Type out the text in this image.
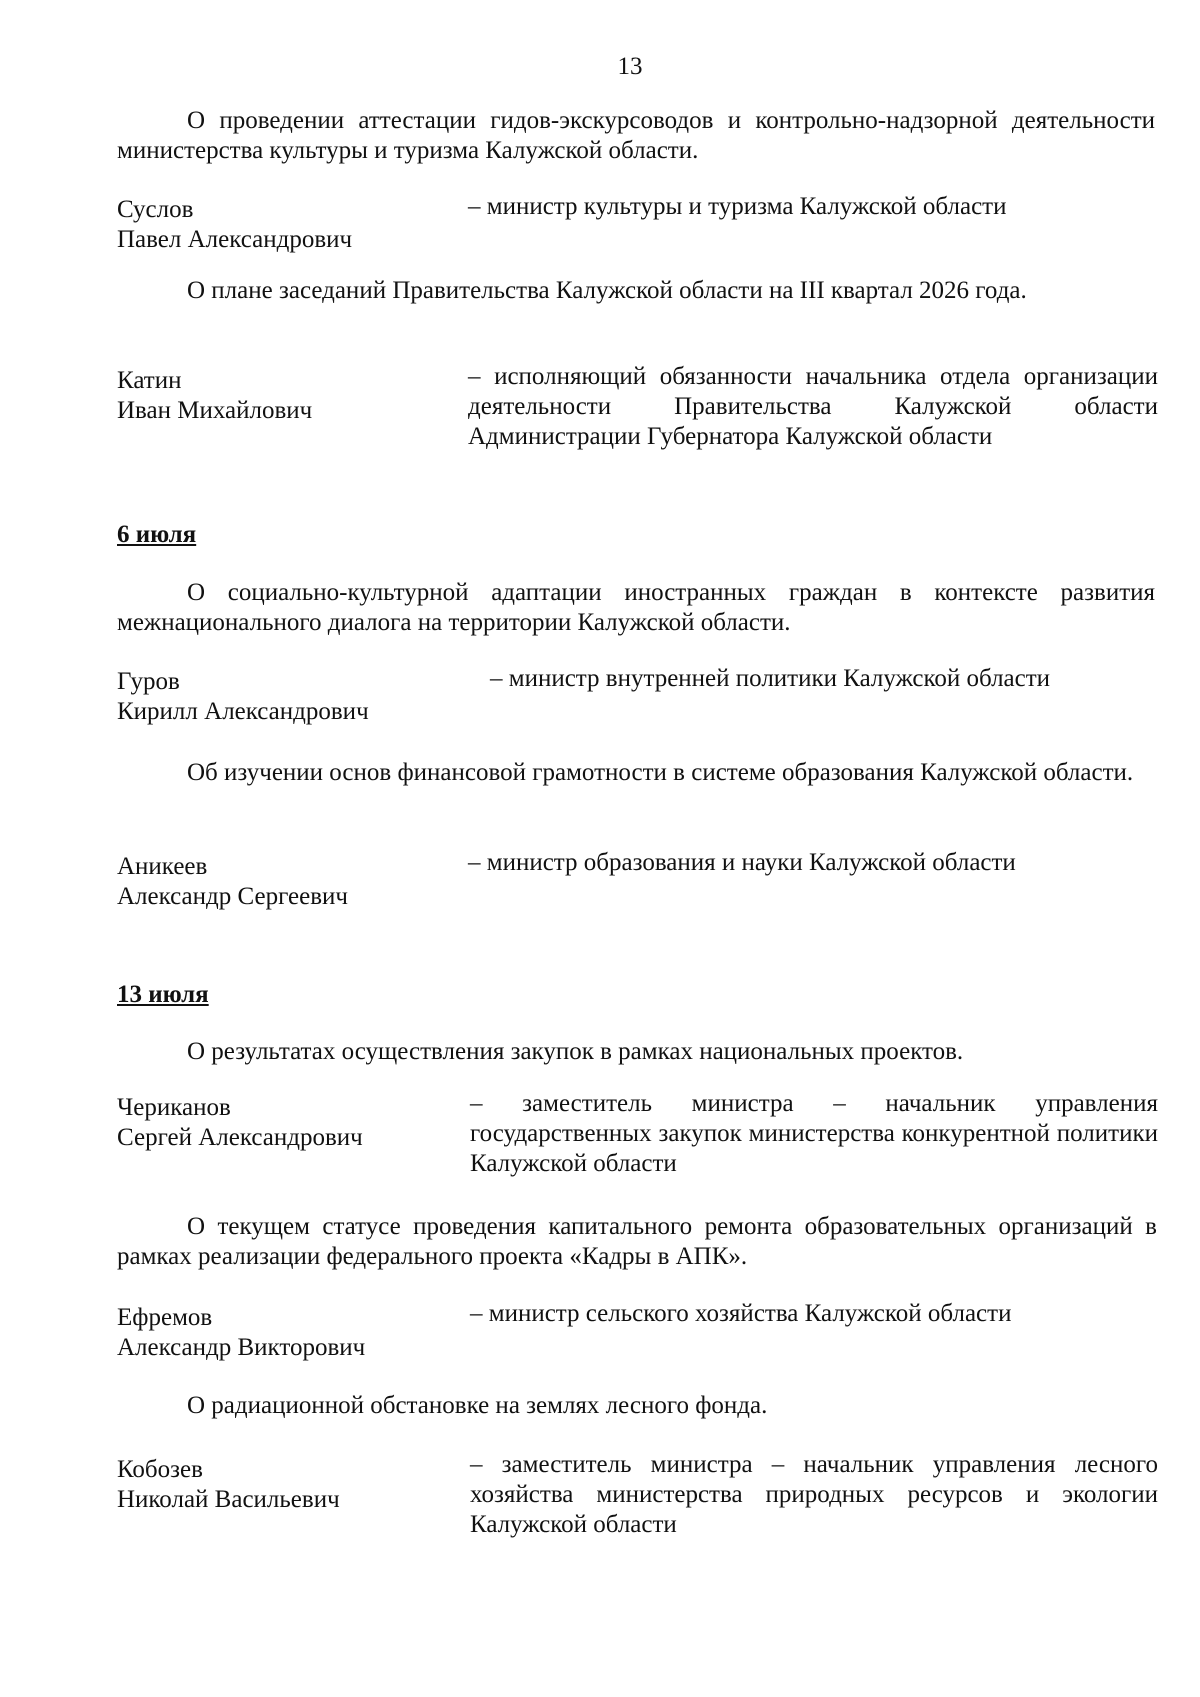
13
О проведении аттестации гидов-экскурсоводов и контрольно-надзорной деятельности министерства культуры и туризма Калужской области.
Суслов
Павел Александрович
– министр культуры и туризма Калужской области
О плане заседаний Правительства Калужской области на III квартал 2026 года.
Катин
Иван Михайлович
– исполняющий обязанности начальника отдела организации деятельности Правительства Калужской области Администрации Губернатора Калужской области
6 июля
О социально-культурной адаптации иностранных граждан в контексте развития межнационального диалога на территории Калужской области.
Гуров
Кирилл Александрович
– министр внутренней политики Калужской области
Об изучении основ финансовой грамотности в системе образования Калужской области.
Аникеев
Александр Сергеевич
– министр образования и науки Калужской области
13 июля
О результатах осуществления закупок в рамках национальных проектов.
Чериканов
Сергей Александрович
– заместитель министра – начальник управления государственных закупок министерства конкурентной политики Калужской области
О текущем статусе проведения капитального ремонта образовательных организаций в рамках реализации федерального проекта «Кадры в АПК».
Ефремов
Александр Викторович
– министр сельского хозяйства Калужской области
О радиационной обстановке на землях лесного фонда.
Кобозев
Николай Васильевич
– заместитель министра – начальник управления лесного хозяйства министерства природных ресурсов и экологии Калужской области
